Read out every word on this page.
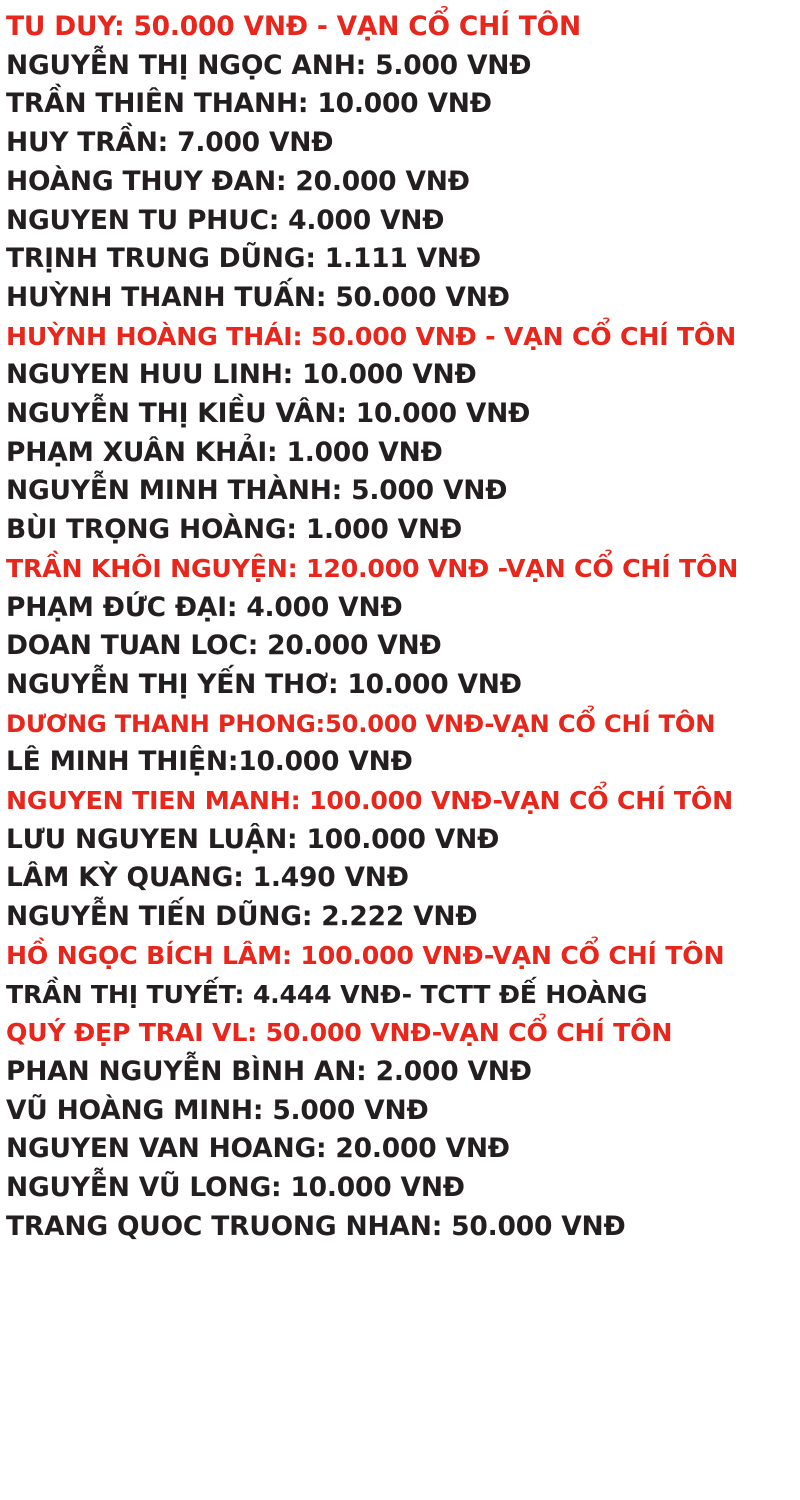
TU DUY: 50.000 VNĐ - VẠN CỔ CHÍ TÔN
NGUYỄN THỊ NGỌC ANH: 5.000 VNĐ
TRẦN THIÊN THANH: 10.000 VNĐ
HUY TRẦN: 7.000 VNĐ
HOÀNG THUY ĐAN: 20.000 VNĐ
NGUYEN TU PHUC: 4.000 VNĐ
TRỊNH TRUNG DŨNG: 1.111 VNĐ
HUỲNH THANH TUẤN: 50.000 VNĐ
HUỲNH HOÀNG THÁI: 50.000 VNĐ - VẠN CỔ CHÍ TÔN
NGUYEN HUU LINH: 10.000 VNĐ
NGUYỄN THỊ KIỀU VÂN: 10.000 VNĐ
PHẠM XUÂN KHẢI: 1.000 VNĐ
NGUYỄN MINH THÀNH: 5.000 VNĐ
BÙI TRỌNG HOÀNG: 1.000 VNĐ
TRẦN KHÔI NGUYỆN: 120.000 VNĐ -VẠN CỔ CHÍ TÔN
PHẠM ĐỨC ĐẠI: 4.000 VNĐ
DOAN TUAN LOC: 20.000 VNĐ
NGUYỄN THỊ YẾN THƠ: 10.000 VNĐ
DƯƠNG THANH PHONG:50.000 VNĐ-VẠN CỔ CHÍ TÔN
LÊ MINH THIỆN:10.000 VNĐ
NGUYEN TIEN MANH: 100.000 VNĐ-VẠN CỔ CHÍ TÔN
LƯU NGUYEN LUẬN: 100.000 VNĐ
LÂM KỲ QUANG: 1.490 VNĐ
NGUYỄN TIẾN DŨNG: 2.222 VNĐ
HỒ NGỌC BÍCH LÂM: 100.000 VNĐ-VẠN CỔ CHÍ TÔN
TRẦN THỊ TUYẾT: 4.444 VNĐ- TCTT ĐẾ HOÀNG
QUÝ ĐẸP TRAI VL: 50.000 VNĐ-VẠN CỔ CHÍ TÔN
PHAN NGUYỄN BÌNH AN: 2.000 VNĐ
VŨ HOÀNG MINH: 5.000 VNĐ
NGUYEN VAN HOANG: 20.000 VNĐ
NGUYỄN VŨ LONG: 10.000 VNĐ
TRANG QUOC TRUONG NHAN: 50.000 VNĐ
